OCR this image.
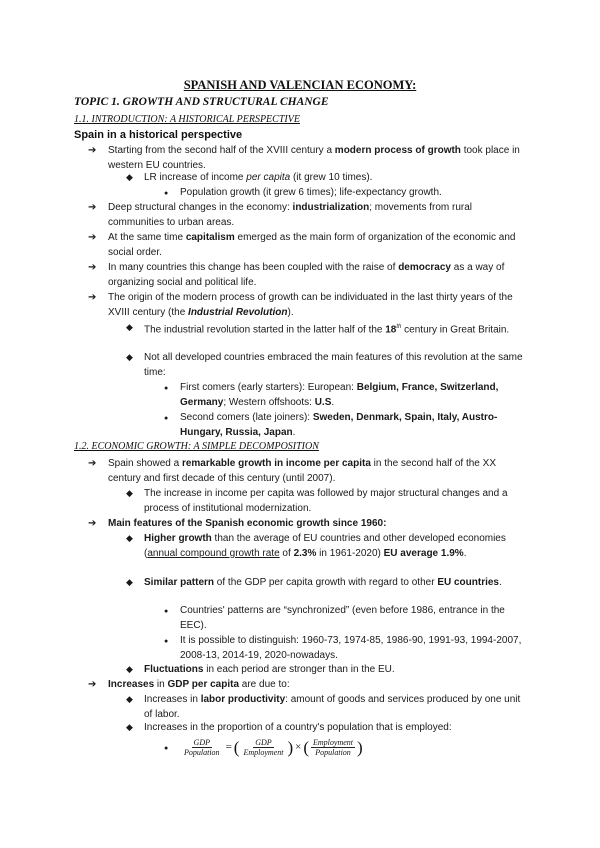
SPANISH AND VALENCIAN ECONOMY:
TOPIC 1. GROWTH AND STRUCTURAL CHANGE
1.1. INTRODUCTION: A HISTORICAL PERSPECTIVE
Spain in a historical perspective
➔ Starting from the second half of the XVIII century a modern process of growth took place in western EU countries.
◆ LR increase of income per capita (it grew 10 times).
● Population growth (it grew 6 times); life-expectancy growth.
➔ Deep structural changes in the economy: industrialization; movements from rural communities to urban areas.
➔ At the same time capitalism emerged as the main form of organization of the economic and social order.
➔ In many countries this change has been coupled with the raise of democracy as a way of organizing social and political life.
➔ The origin of the modern process of growth can be individuated in the last thirty years of the XVIII century (the Industrial Revolution).
◆ The industrial revolution started in the latter half of the 18th century in Great Britain.
◆ Not all developed countries embraced the main features of this revolution at the same time:
● First comers (early starters): European: Belgium, France, Switzerland, Germany; Western offshoots: U.S.
● Second comers (late joiners): Sweden, Denmark, Spain, Italy, Austro-Hungary, Russia, Japan.
1.2. ECONOMIC GROWTH: A SIMPLE DECOMPOSITION
➔ Spain showed a remarkable growth in income per capita in the second half of the XX century and first decade of this century (until 2007).
◆ The increase in income per capita was followed by major structural changes and a process of institutional modernization.
➔ Main features of the Spanish economic growth since 1960:
◆ Higher growth than the average of EU countries and other developed economies (annual compound growth rate of 2.3% in 1961-2020) EU average 1.9%.
◆ Similar pattern of the GDP per capita growth with regard to other EU countries.
● Countries' patterns are “synchronized” (even before 1986, entrance in the EEC).
● It is possible to distinguish: 1960-73, 1974-85, 1986-90, 1991-93, 1994-2007, 2008-13, 2014-19, 2020-nowadays.
◆ Fluctuations in each period are stronger than in the EU.
➔ Increases in GDP per capita are due to:
◆ Increases in labor productivity: amount of goods and services produced by one unit of labor.
◆ Increases in the proportion of a country's population that is employed:
● $\frac{\text{GDP}}{\text{Population}}$ = ( $\frac{\text{GDP}}{\text{Employment}}$ ) × ( $\frac{\text{Employment}}{\text{Population}}$ )
